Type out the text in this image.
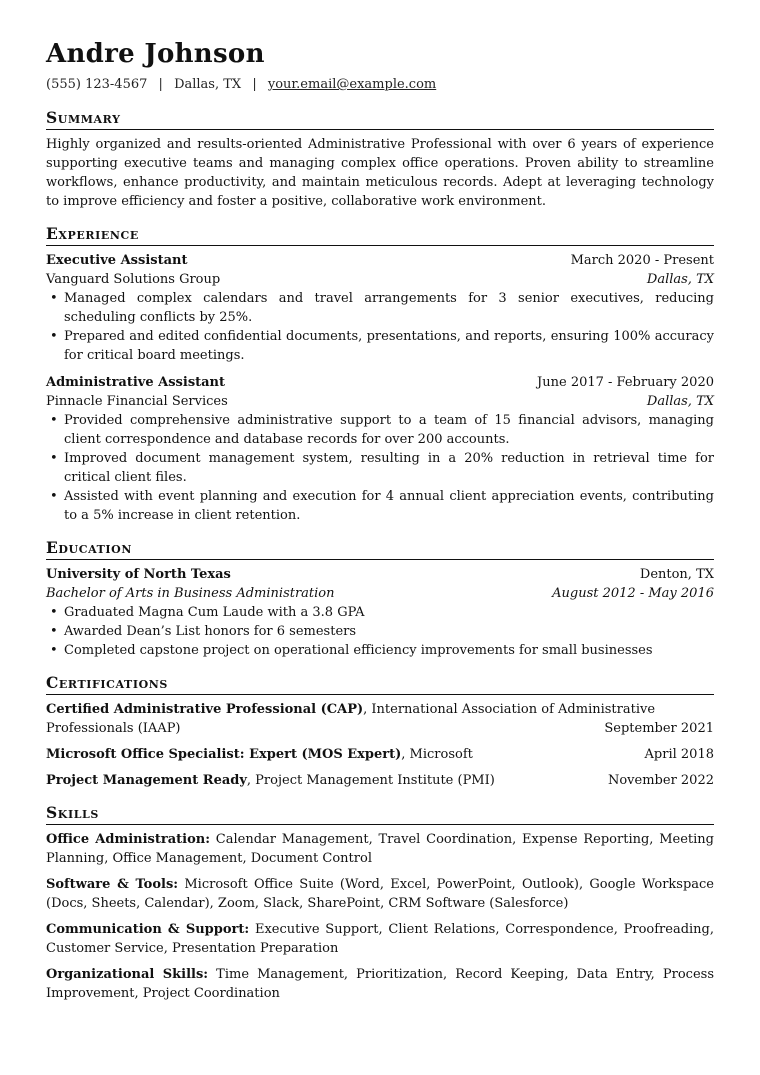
Andre Johnson
(555) 123-4567 | Dallas, TX | your.email@example.com
Summary

Highly organized and results-oriented Administrative Professional with over 6 years of experience supporting executive teams and managing complex office operations. Proven ability to streamline workflows, enhance productivity, and maintain meticulous records. Adept at leveraging technology to improve efficiency and foster a positive, collaborative work environment.

Experience
Executive Assistant	March 2020 - Present
Vanguard Solutions Group	Dallas, TX
• Managed complex calendars and travel arrangements for 3 senior executives, reducing scheduling conflicts by 25%.
• Prepared and edited confidential documents, presentations, and reports, ensuring 100% accuracy for critical board meetings.
Administrative Assistant	June 2017 - February 2020
Pinnacle Financial Services	Dallas, TX
• Provided comprehensive administrative support to a team of 15 financial advisors, managing client correspondence and database records for over 200 accounts.
• Improved document management system, resulting in a 20% reduction in retrieval time for critical client files.
• Assisted with event planning and execution for 4 annual client appreciation events, contributing to a 5% increase in client retention.
Education
University of North Texas	Denton, TX
Bachelor of Arts in Business Administration	August 2012 - May 2016
• Graduated Magna Cum Laude with a 3.8 GPA
• Awarded Dean’s List honors for 6 semesters
• Completed capstone project on operational efficiency improvements for small businesses
Certifications
Certified Administrative Professional (CAP), International Association of Administrative Professionals (IAAP)	September 2021
Microsoft Office Specialist: Expert (MOS Expert), Microsoft	April 2018
Project Management Ready, Project Management Institute (PMI)	November 2022
Skills
Office Administration: Calendar Management, Travel Coordination, Expense Reporting, Meeting Planning, Office Management, Document Control
Software & Tools: Microsoft Office Suite (Word, Excel, PowerPoint, Outlook), Google Workspace (Docs, Sheets, Calendar), Zoom, Slack, SharePoint, CRM Software (Salesforce)
Communication & Support: Executive Support, Client Relations, Correspondence, Proofreading, Customer Service, Presentation Preparation
Organizational Skills: Time Management, Prioritization, Record Keeping, Data Entry, Process Improvement, Project Coordination
